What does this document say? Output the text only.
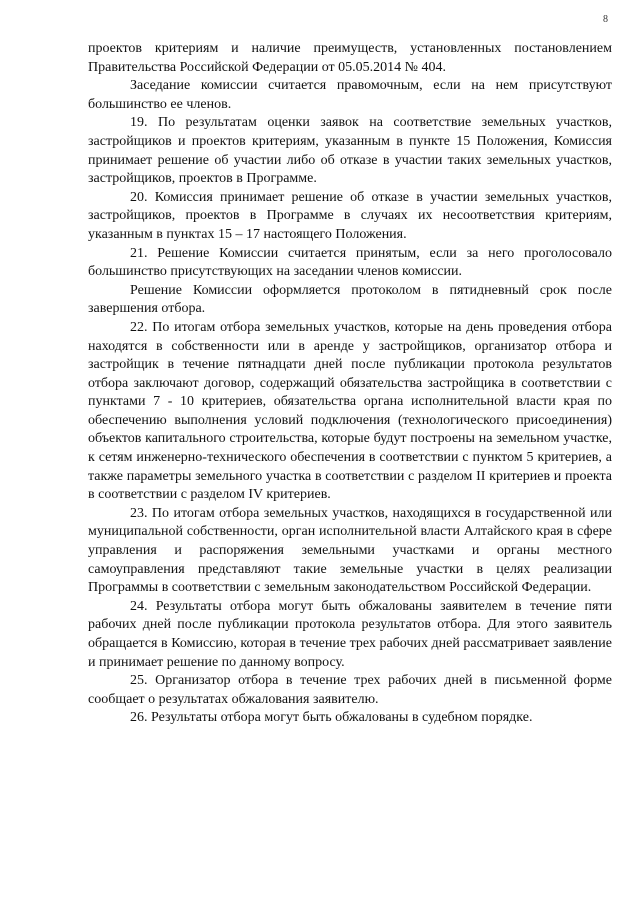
8

проектов критериям и наличие преимуществ, установленных постановлением Правительства Российской Федерации от 05.05.2014 № 404.

Заседание комиссии считается правомочным, если на нем присутствуют большинство ее членов.

19. По результатам оценки заявок на соответствие земельных участков, застройщиков и проектов критериям, указанным в пункте 15 Положения, Комиссия принимает решение об участии либо об отказе в участии таких земельных участков, застройщиков, проектов в Программе.

20. Комиссия принимает решение об отказе в участии земельных участков, застройщиков, проектов в Программе в случаях их несоответствия критериям, указанным в пунктах 15 – 17 настоящего Положения.

21. Решение Комиссии считается принятым, если за него проголосовало большинство присутствующих на заседании членов комиссии.

Решение Комиссии оформляется протоколом в пятидневный срок после завершения отбора.

22. По итогам отбора земельных участков, которые на день проведения отбора находятся в собственности или в аренде у застройщиков, организатор отбора и застройщик в течение пятнадцати дней после публикации протокола результатов отбора заключают договор, содержащий обязательства застройщика в соответствии с пунктами 7 - 10 критериев, обязательства органа исполнительной власти края по обеспечению выполнения условий подключения (технологического присоединения) объектов капитального строительства, которые будут построены на земельном участке, к сетям инженерно-технического обеспечения в соответствии с пунктом 5 критериев, а также параметры земельного участка в соответствии с разделом II критериев и проекта в соответствии с разделом IV критериев.

23. По итогам отбора земельных участков, находящихся в государственной или муниципальной собственности, орган исполнительной власти Алтайского края в сфере управления и распоряжения земельными участками и органы местного самоуправления представляют такие земельные участки в целях реализации Программы в соответствии с земельным законодательством Российской Федерации.

24. Результаты отбора могут быть обжалованы заявителем в течение пяти рабочих дней после публикации протокола результатов отбора. Для этого заявитель обращается в Комиссию, которая в течение трех рабочих дней рассматривает заявление и принимает решение по данному вопросу.

25. Организатор отбора в течение трех рабочих дней в письменной форме сообщает о результатах обжалования заявителю.

26. Результаты отбора могут быть обжалованы в судебном порядке.
